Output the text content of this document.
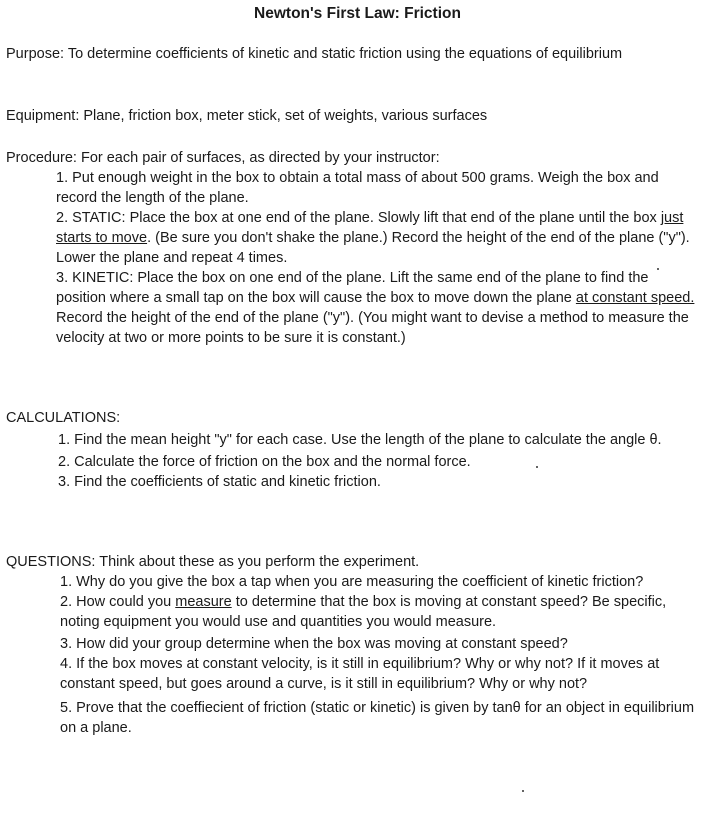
Newton's First Law: Friction
Purpose: To determine coefficients of kinetic and static friction using the equations of equilibrium
Equipment: Plane, friction box, meter stick, set of weights, various surfaces
Procedure: For each pair of surfaces, as directed by your instructor:
1. Put enough weight in the box to obtain a total mass of about 500 grams. Weigh the box and record the length of the plane.
2. STATIC: Place the box at one end of the plane. Slowly lift that end of the plane until the box just starts to move. (Be sure you don't shake the plane.) Record the height of the end of the plane ("y"). Lower the plane and repeat 4 times.
3. KINETIC: Place the box on one end of the plane. Lift the same end of the plane to find the position where a small tap on the box will cause the box to move down the plane at constant speed. Record the height of the end of the plane ("y"). (You might want to devise a method to measure the velocity at two or more points to be sure it is constant.)
CALCULATIONS:
1. Find the mean height "y" for each case. Use the length of the plane to calculate the angle θ.
2. Calculate the force of friction on the box and the normal force.
3. Find the coefficients of static and kinetic friction.
QUESTIONS: Think about these as you perform the experiment.
1. Why do you give the box a tap when you are measuring the coefficient of kinetic friction?
2. How could you measure to determine that the box is moving at constant speed? Be specific, noting equipment you would use and quantities you would measure.
3. How did your group determine when the box was moving at constant speed?
4. If the box moves at constant velocity, is it still in equilibrium? Why or why not? If it moves at constant speed, but goes around a curve, is it still in equilibrium? Why or why not?
5. Prove that the coeffiecient of friction (static or kinetic) is given by tanθ for an object in equilibrium on a plane.
